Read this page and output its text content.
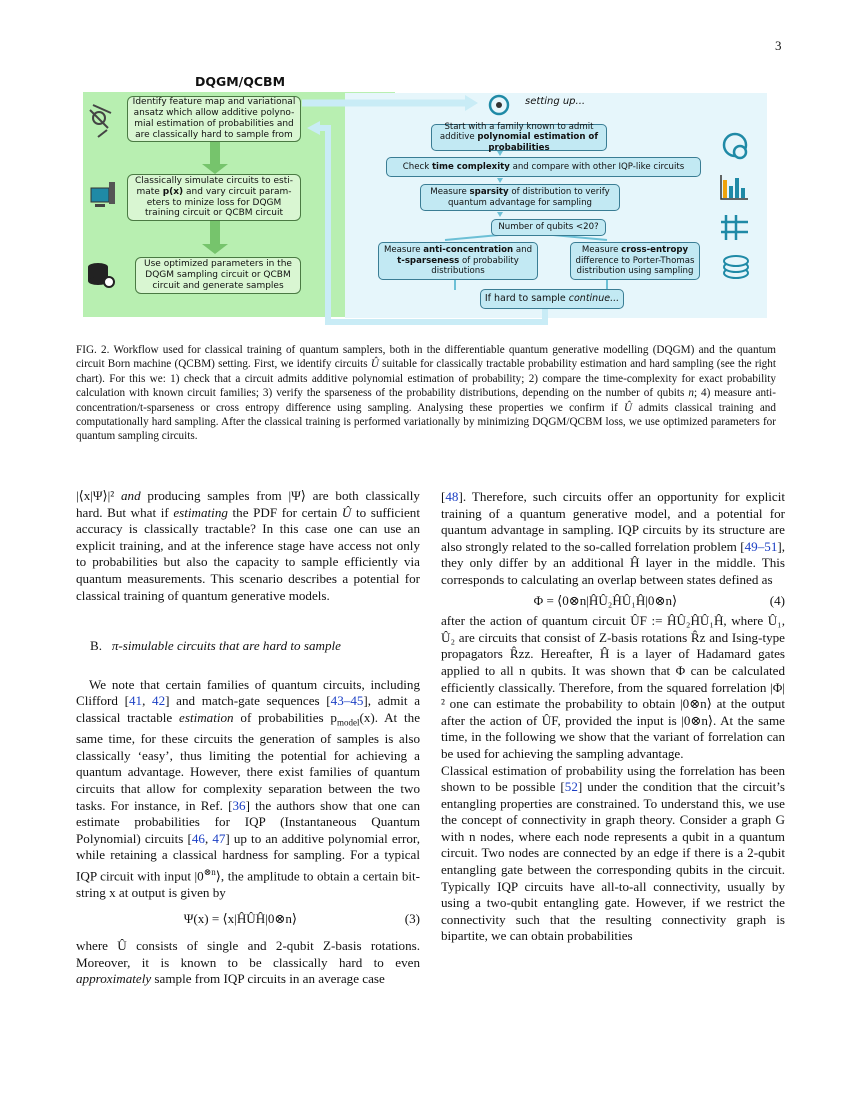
3
DQGM/QCBM
setting up...
Identify feature map and variational ansatz which allow additive polyno-mial estimation of probabilities and are classically hard to sample from
Classically simulate circuits to esti-mate p(x) and vary circuit param-eters to minize loss for DQGM training circuit or QCBM circuit
Use optimized parameters in the DQGM sampling circuit or QCBM circuit and generate samples
Start with a family known to admit additive polynomial estimation of probabilities
Check time complexity and compare with other IQP-like circuits
Measure sparsity of distribution to verify quantum advantage for sampling
Number of qubits <20?
Measure anti-concentration and t-sparseness of probability distributions
Measure cross-entropy difference to Porter-Thomas distribution using sampling
If hard to sample continue...
FIG. 2. Workflow used for classical training of quantum samplers, both in the differentiable quantum generative modelling (DQGM) and the quantum circuit Born machine (QCBM) setting. First, we identify circuits Û suitable for classically tractable probability estimation and hard sampling (see the right chart). For this we: 1) check that a circuit admits additive polynomial estimation of probability; 2) compare the time-complexity for exact probability calculation with known circuit families; 3) verify the sparseness of the probability distributions, depending on the number of qubits n; 4) measure anti-concentration/t-sparseness or cross entropy difference using sampling. Analysing these properties we confirm if Û admits classical training and computationally hard sampling. After the classical training is performed variationally by minimizing DQGM/QCBM loss, we use optimized parameters for quantum sampling circuits.

|⟨x|Ψ⟩|² and producing samples from |Ψ⟩ are both classically hard. But what if estimating the PDF for certain Û to sufficient accuracy is classically tractable? In this case one can use an explicit training, and at the inference stage have access not only to probabilities but also the capacity to sample efficiently via quantum measurements. This scenario describes a potential for classical training of quantum generative models.

B. π-simulable circuits that are hard to sample

We note that certain families of quantum circuits, including Clifford [41, 42] and match-gate sequences [43–45], admit a classical tractable estimation of probabilities $p_{model}(x)$. At the same time, for these circuits the generation of samples is also classically ‘easy’, thus limiting the potential for achieving a quantum advantage. However, there exist families of quantum circuits that allow for complexity separation between the two tasks. For instance, in Ref. [36] the authors show that one can estimate probabilities for IQP (Instantaneous Quantum Polynomial) circuits [46, 47] up to an additive polynomial error, while retaining a classical hardness for sampling. For a typical IQP circuit with input $|0^{\otimes n}⟩$, the amplitude to obtain a certain bit-string x at output is given by

Ψ(x) = ⟨x|ĤÛĤ|0⊗n⟩	(3)

where Û consists of single and 2-qubit Z-basis rotations. Moreover, it is known to be classically hard to even approximately sample from IQP circuits in an average case

[48]. Therefore, such circuits offer an opportunity for explicit training of a quantum generative model, and a potential for quantum advantage in sampling. IQP circuits by its structure are also strongly related to the so-called forrelation problem [49–51], they only differ by an additional Ĥ layer in the middle. This corresponds to calculating an overlap between states defined as

Φ = ⟨0⊗n|ĤÛ₂ĤÛ₁Ĥ|0⊗n⟩	(4)

after the action of quantum circuit ÛF := ĤÛ₂ĤÛ₁Ĥ, where Û₁, Û₂ are circuits that consist of Z-basis rotations R̂z and Ising-type propagators R̂zz. Hereafter, Ĥ is a layer of Hadamard gates applied to all n qubits. It was shown that Φ can be calculated efficiently classically. Therefore, from the squared forrelation |Φ|² one can estimate the probability to obtain |0⊗n⟩ at the output after the action of ÛF, provided the input is |0⊗n⟩. At the same time, in the following we show that the variant of forrelation can be used for achieving the sampling advantage.

Classical estimation of probability using the forrelation has been shown to be possible [52] under the condition that the circuit’s entangling properties are constrained. To understand this, we use the concept of connectivity in graph theory. Consider a graph G with n nodes, where each node represents a qubit in a quantum circuit. Two nodes are connected by an edge if there is a 2-qubit entangling gate between the corresponding qubits in the circuit. Typically IQP circuits have all-to-all connectivity, usually by using a two-qubit entangling gate. However, if we restrict the connectivity such that the resulting connectivity graph is bipartite, we can obtain probabilities
